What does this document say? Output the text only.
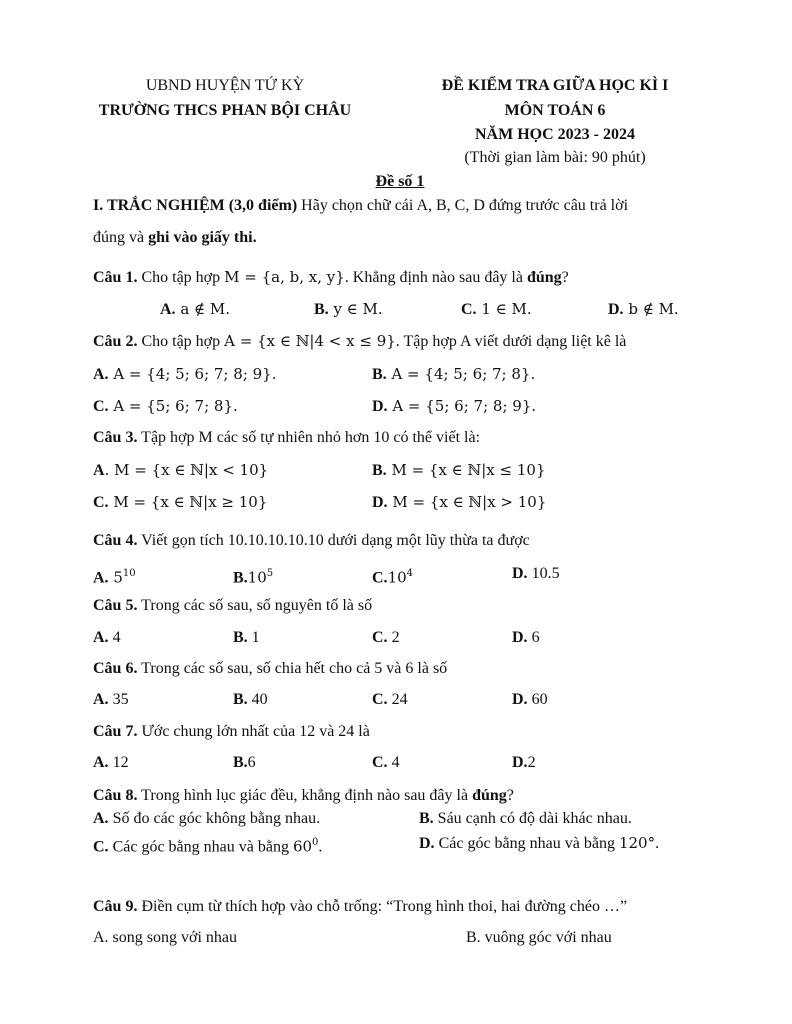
UBND HUYỆN TỨ KỲ
TRƯỜNG THCS PHAN BỘI CHÂU
ĐỀ KIỂM TRA GIỮA HỌC KÌ I
MÔN TOÁN 6
NĂM HỌC 2023 - 2024
(Thời gian làm bài: 90 phút)
Đề số 1
I. TRẮC NGHIỆM (3,0 điểm) Hãy chọn chữ cái A, B, C, D đứng trước câu trả lời
đúng và ghi vào giấy thi.
Câu 1. Cho tập hợp M = {a, b, x, y}. Khẳng định nào sau đây là đúng?
A. a ∉ M.	B. y ∈ M.	C. 1 ∈ M.	D. b ∉ M.
Câu 2. Cho tập hợp A = {x ∈ ℕ|4 < x ≤ 9}. Tập hợp A viết dưới dạng liệt kê là
A. A = {4; 5; 6; 7; 8; 9}.	B. A = {4; 5; 6; 7; 8}.
C. A = {5; 6; 7; 8}.	D. A = {5; 6; 7; 8; 9}.
Câu 3. Tập hợp M các số tự nhiên nhỏ hơn 10 có thể viết là:
A. M = {x ∈ ℕ|x < 10}	B. M = {x ∈ ℕ|x ≤ 10}
C. M = {x ∈ ℕ|x ≥ 10}	D. M = {x ∈ ℕ|x > 10}
Câu 4. Viết gọn tích 10.10.10.10.10 dưới dạng một lũy thừa ta được
A. $5^{10}$	$B.10^5$	$C.10^4$	D. 10.5
Câu 5. Trong các số sau, số nguyên tố là số
A. 4	B. 1	C. 2	D. 6
Câu 6. Trong các số sau, số chia hết cho cả 5 và 6 là số
A. 35	B. 40	C. 24	D. 60
Câu 7. Ước chung lớn nhất của 12 và 24 là
A. 12	B.6	C. 4	D.2
Câu 8. Trong hình lục giác đều, khẳng định nào sau đây là đúng?
A. Số đo các góc không bằng nhau.	B. Sáu cạnh có độ dài khác nhau.
C. Các góc bằng nhau và bằng $60^0$.	D. Các góc bằng nhau và bằng 120°.
Câu 9. Điền cụm từ thích hợp vào chỗ trống: “Trong hình thoi, hai đường chéo …”
A. song song với nhau	B. vuông góc với nhau
